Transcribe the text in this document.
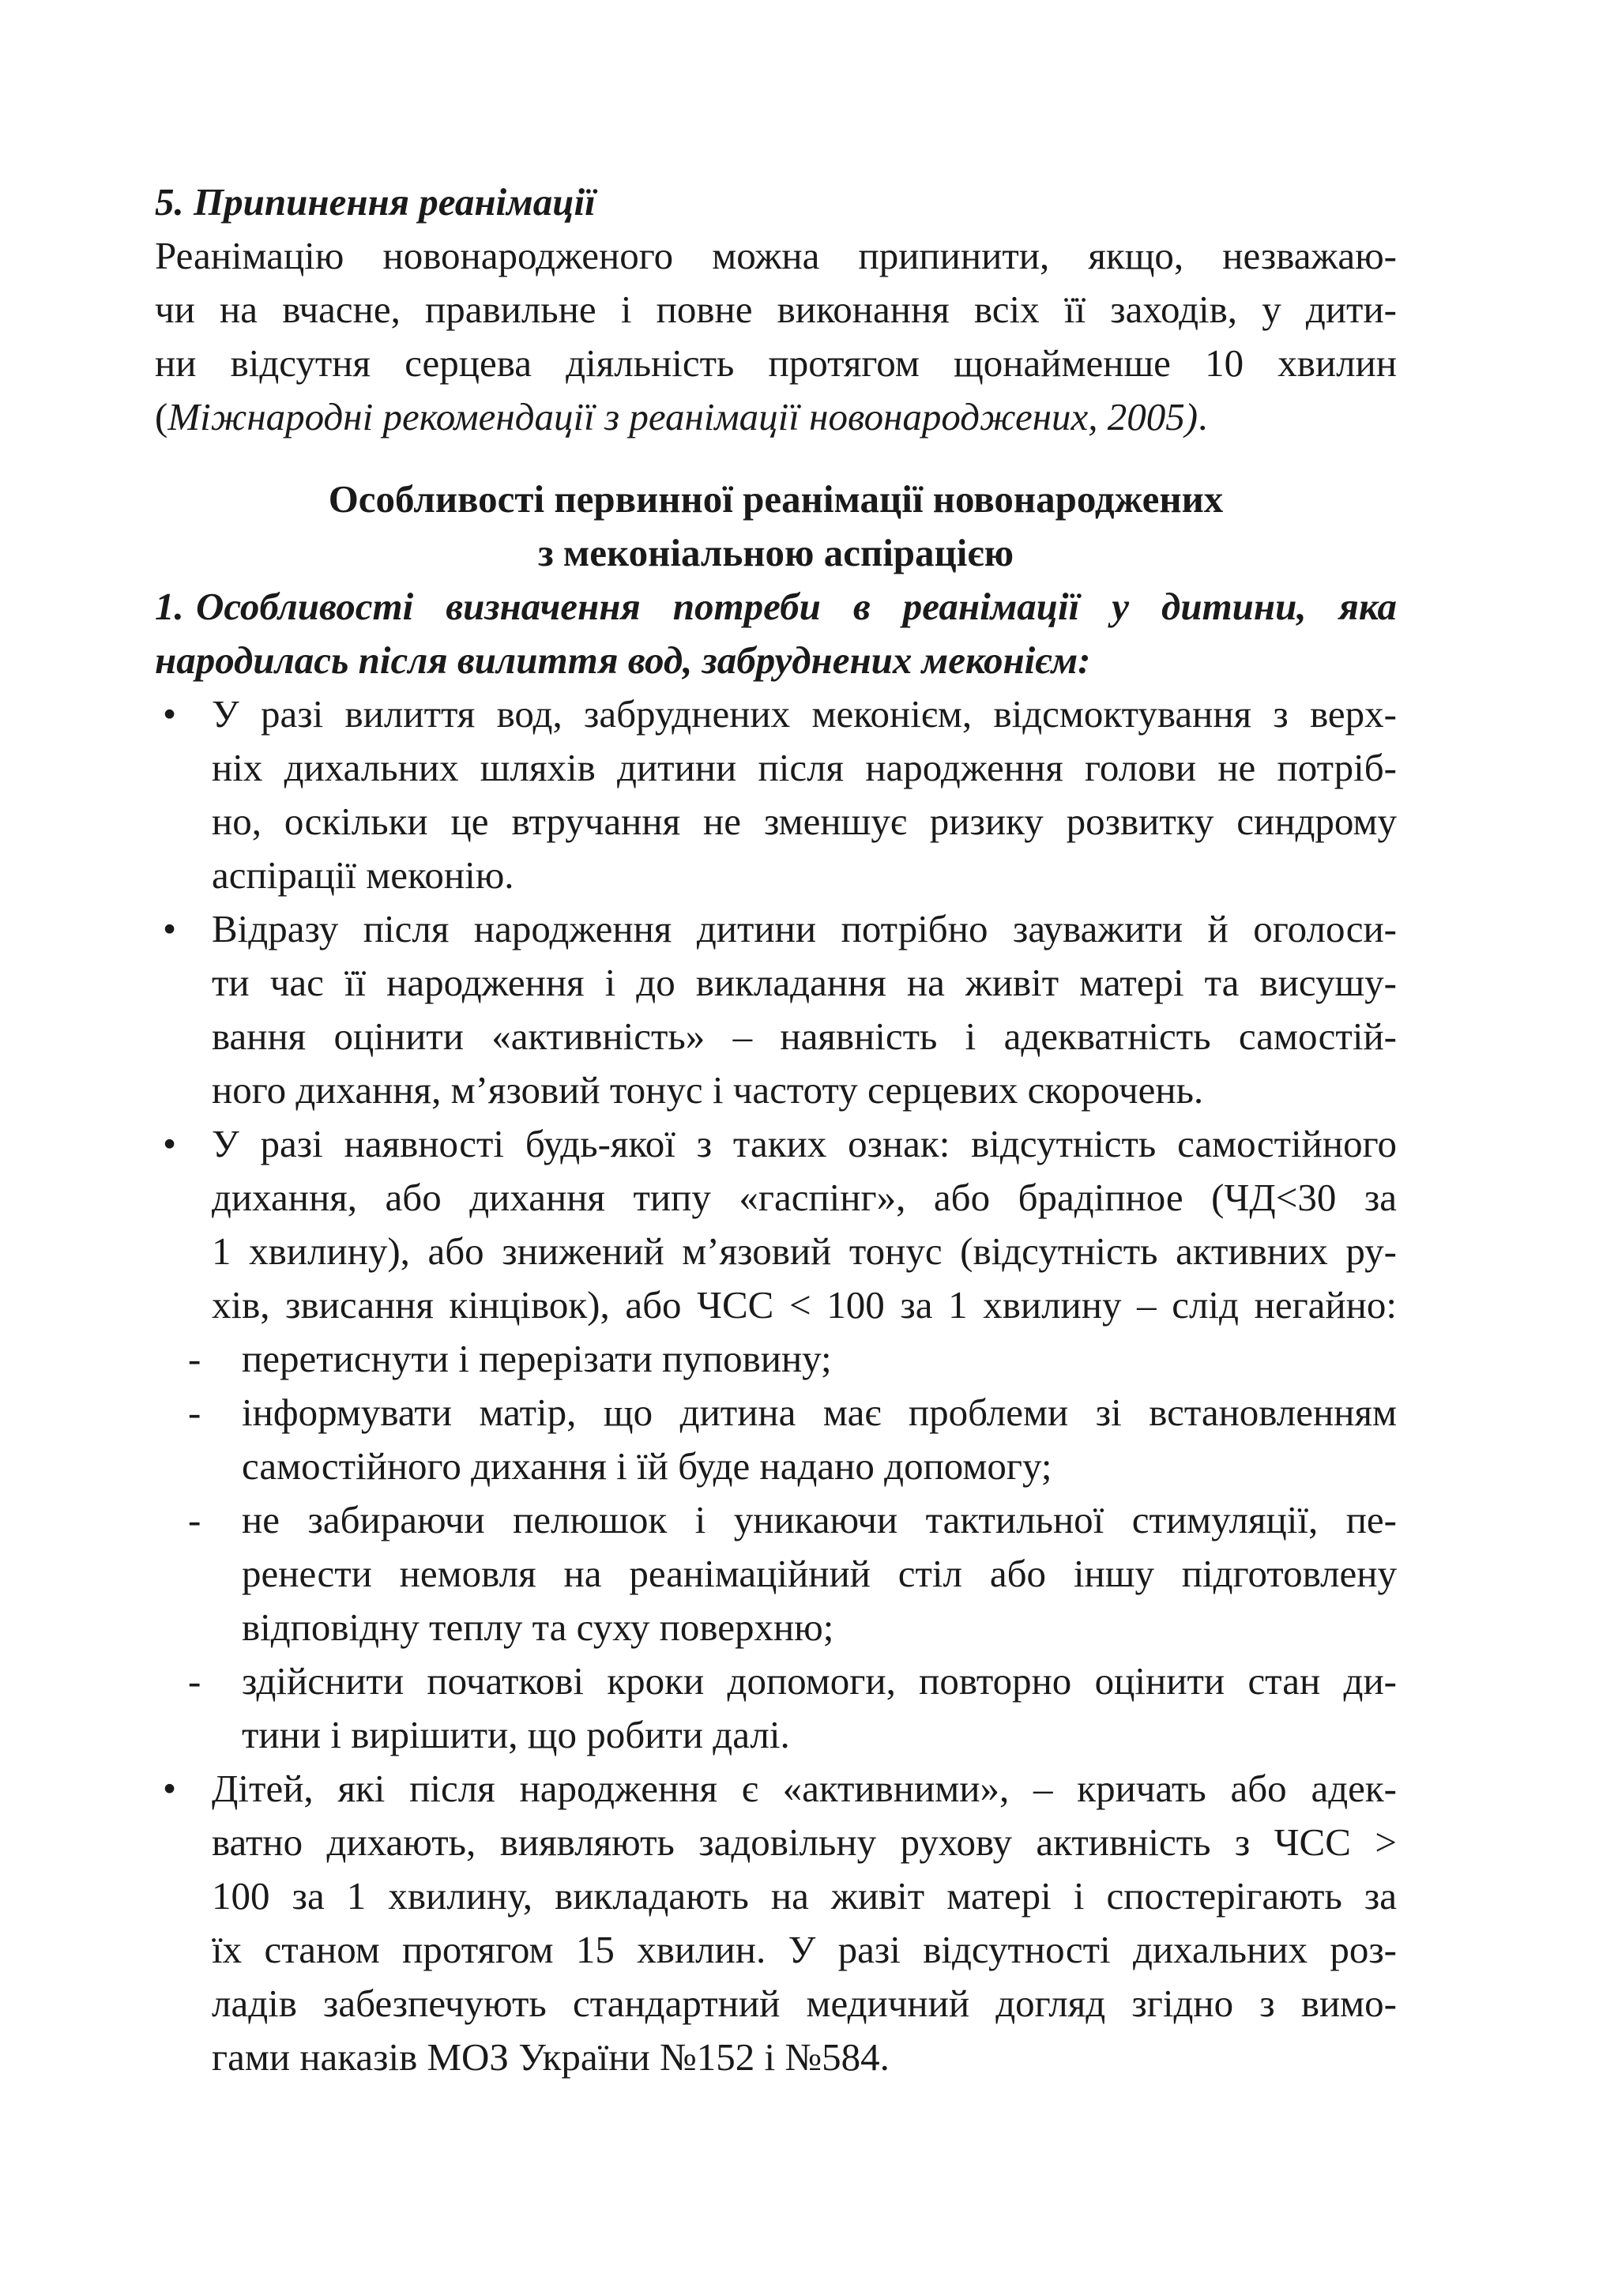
5. Припинення реанімації
Реанімацію новонародженого можна припинити, якщо, незважаю-
чи на вчасне, правильне і повне виконання всіх її заходів, у дити-
ни відсутня серцева діяльність протягом щонайменше 10 хвилин
(Міжнародні рекомендації з реанімації новонароджених, 2005).
Особливості первинної реанімації новонароджених
з меконіальною аспірацією
1. Особливості визначення потреби в реанімації у дитини, яка
народилась після вилиття вод, забруднених меконієм:
• У разі вилиття вод, забруднених меконієм, відсмоктування з верх-
ніх дихальних шляхів дитини після народження голови не потріб-
но, оскільки це втручання не зменшує ризику розвитку синдрому
аспірації меконію.
• Відразу після народження дитини потрібно зауважити й оголоси-
ти час її народження і до викладання на живіт матері та висушу-
вання оцінити «активність» – наявність і адекватність самостій-
ного дихання, м’язовий тонус і частоту серцевих скорочень.
• У разі наявності будь-якої з таких ознак: відсутність самостійного
дихання, або дихання типу «гаспінг», або брадіпное (ЧД<30 за
1 хвилину), або знижений м’язовий тонус (відсутність активних ру-
хів, звисання кінцівок), або ЧСС < 100 за 1 хвилину – слід негайно:
- перетиснути і перерізати пуповину;
- інформувати матір, що дитина має проблеми зі встановленням
самостійного дихання і їй буде надано допомогу;
- не забираючи пелюшок і уникаючи тактильної стимуляції, пе-
ренести немовля на реанімаційний стіл або іншу підготовлену
відповідну теплу та суху поверхню;
- здійснити початкові кроки допомоги, повторно оцінити стан ди-
тини і вирішити, що робити далі.
• Дітей, які після народження є «активними», – кричать або адек-
ватно дихають, виявляють задовільну рухову активність з ЧСС >
100 за 1 хвилину, викладають на живіт матері і спостерігають за
їх станом протягом 15 хвилин. У разі відсутності дихальних роз-
ладів забезпечують стандартний медичний догляд згідно з вимо-
гами наказів МОЗ України №152 і №584.
